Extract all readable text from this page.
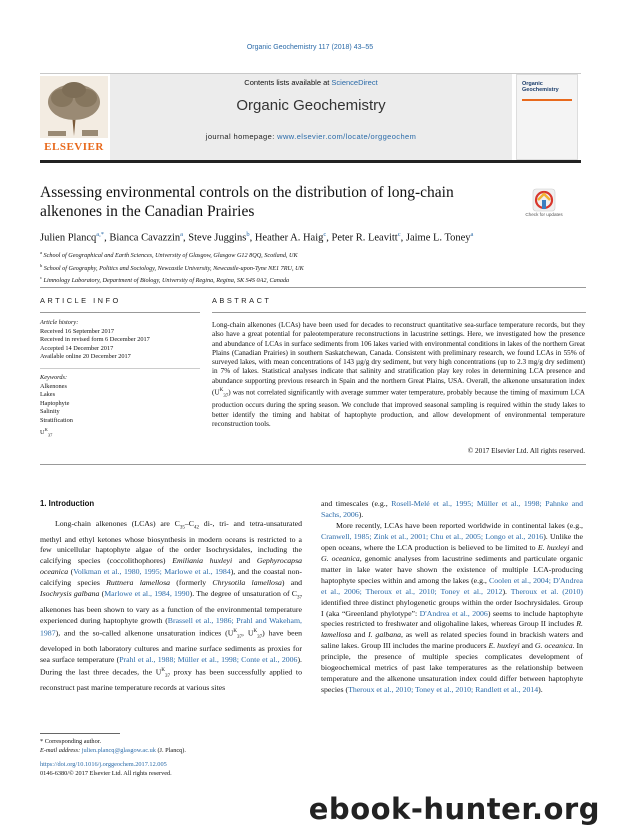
Organic Geochemistry 117 (2018) 43–55
ELSEVIER
Contents lists available at ScienceDirect
Organic Geochemistry
journal homepage: www.elsevier.com/locate/orggeochem
Organic Geochemistry
Assessing environmental controls on the distribution of long-chain alkenones in the Canadian Prairies	Check for updates
Julien Plancq$^{a,*}$, Bianca Cavazzin$^a$, Steve Juggins$^b$, Heather A. Haig$^c$, Peter R. Leavitt$^c$, Jaime L. Toney$^a$
$^a$ School of Geographical and Earth Sciences, University of Glasgow, Glasgow G12 8QQ, Scotland, UK
$^b$ School of Geography, Politics and Sociology, Newcastle University, Newcastle-upon-Tyne NE1 7RU, UK
$^c$ Limnology Laboratory, Department of Biology, University of Regina, Regina, SK S4S 0A2, Canada
ARTICLE INFO	ABSTRACT
Article history:
Received 16 September 2017
Received in revised form 6 December 2017
Accepted 14 December 2017
Available online 20 December 2017
Keywords:
Alkenones
Lakes
Haptophyte
Salinity
Stratification
$U^K_{37}$
Long-chain alkenones (LCAs) have been used for decades to reconstruct quantitative sea-surface temperature records, but they also have a great potential for paleotemperature reconstructions in lacustrine settings. Here, we investigated how the presence and abundance of LCAs in surface sediments from 106 lakes varied with environmental conditions in lakes of the northern Great Plains (Canadian Prairies) in southern Saskatchewan, Canada. Consistent with preliminary research, we found LCAs in 55% of surveyed lakes, with mean concentrations of 143 µg/g dry sediment, but very high concentrations (up to 2.3 mg/g dry sediment) in 7% of lakes. Statistical analyses indicate that salinity and stratification play key roles in determining LCA presence and abundance supporting previous research in Spain and the northern Great Plains, USA. Overall, the alkenone unsaturation index $(U^K_{37})$ was not correlated significantly with average summer water temperature, probably because the timing of maximum LCA production occurs during the spring season. We conclude that improved seasonal sampling is required within the study lakes to better identify the timing and habitat of haptophyte production, and allow development of environmental temperature reconstruction tools.
© 2017 Elsevier Ltd. All rights reserved.
1. Introduction

Long-chain alkenones (LCAs) are $C_{35}-C_{42}$ di-, tri- and tetra-unsaturated methyl and ethyl ketones whose biosynthesis in modern oceans is restricted to a few unicellular haptophyte algae of the order Isochrysidales, including the calcifying species (coccolithophores) Emiliania huxleyi and Gephyrocapsa oceanica (Volkman et al., 1980, 1995; Marlowe et al., 1984), and the coastal non-calcifying species Ruttnera lamellosa (formerly Chrysotila lamellosa) and Isochrysis galbana (Marlowe et al., 1984, 1990). The degree of unsaturation of $C_{37}$ alkenones has been shown to vary as a function of the environmental temperature experienced during haptophyte growth (Brassell et al., 1986; Prahl and Wakeham, 1987), and the so-called alkenone unsaturation indices ($U^K_{37}$, $U^K_{37}$) have been developed in both laboratory cultures and marine surface sediments as proxies for sea surface temperature (Prahl et al., 1988; Müller et al., 1998; Conte et al., 2006). During the last three decades, the $U^K_{37}$ proxy has been successfully applied to reconstruct past marine temperature records at various sites

and timescales (e.g., Rosell-Melé et al., 1995; Müller et al., 1998; Pahnke and Sachs, 2006).

More recently, LCAs have been reported worldwide in continental lakes (e.g., Cranwell, 1985; Zink et al., 2001; Chu et al., 2005; Longo et al., 2016). Unlike the open oceans, where the LCA production is believed to be limited to E. huxleyi and G. oceanica, genomic analyses from lacustrine sediments and particulate organic matter in lake water have shown the existence of multiple LCA-producing haptophyte species within and among the lakes (e.g., Coolen et al., 2004; D'Andrea et al., 2006; Theroux et al., 2010; Toney et al., 2012). Theroux et al. (2010) identified three distinct phylogenetic groups within the order Isochrysidales. Group I (aka “Greenland phylotype”: D'Andrea et al., 2006) seems to include haptophyte species restricted to freshwater and oligohaline lakes, whereas Group II includes R. lamellosa and I. galbana, as well as related species found in brackish waters and saline lakes. Group III includes the marine producers E. huxleyi and G. oceanica. In principle, the presence of multiple species complicates development of biogeochemical metrics of past lake temperatures as the relationship between temperature and the alkenone unsaturation index could differ between haptophyte species (Theroux et al., 2010; Toney et al., 2010; Randlett et al., 2014).

* Corresponding author.
E-mail address: julien.plancq@glasgow.ac.uk (J. Plancq).
https://doi.org/10.1016/j.orggeochem.2017.12.005
0146-6380/© 2017 Elsevier Ltd. All rights reserved.
ebook-hunter.org
